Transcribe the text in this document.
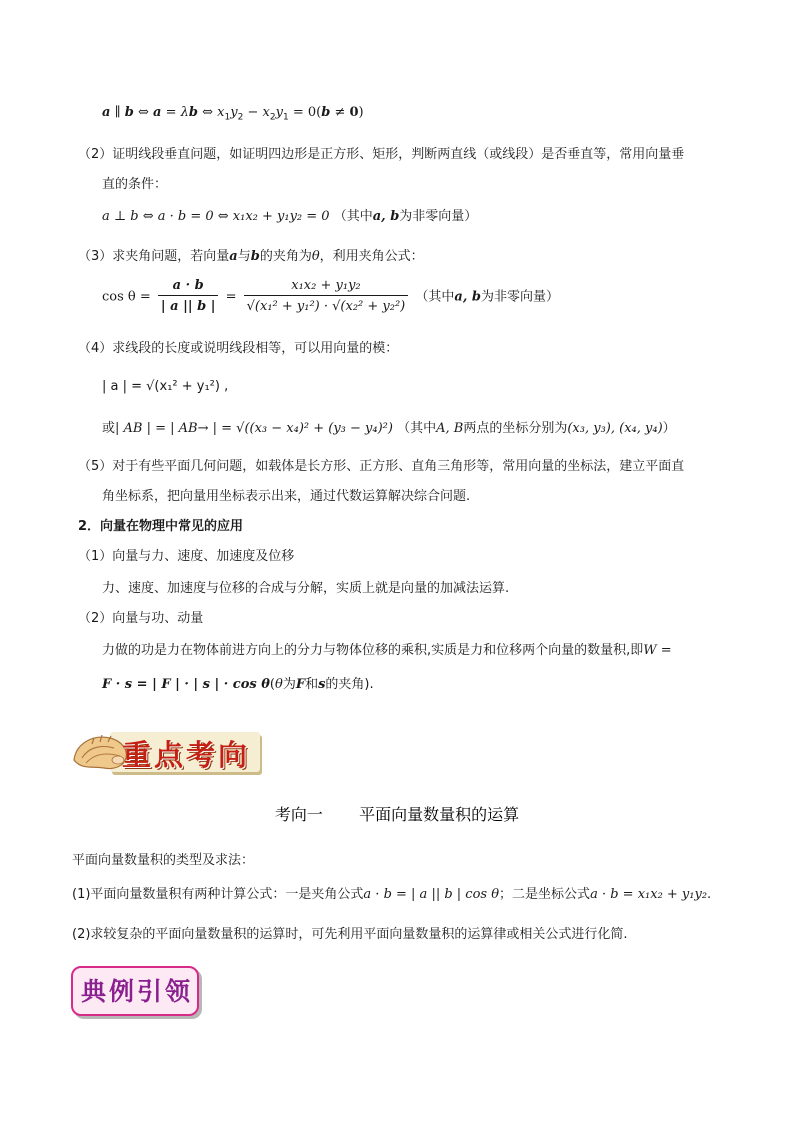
a ∥ b ⇔ a = λb ⇔ $x_1y_2 - x_2y_1 = 0(b \ne 0)$
（2）证明线段垂直问题，如证明四边形是正方形、矩形，判断两直线（或线段）是否垂直等，常用向量垂
直的条件：
a ⊥ b ⇔ a · b = 0 ⇔ x₁x₂ + y₁y₂ = 0 （其中a, b为非零向量）
（3）求夹角问题，若向量a与b的夹角为θ，利用夹角公式：
$\cos \theta = \frac{a \cdot b}{| a || b |} = \frac{\text{x₁x₂ + y₁y₂}}{\text{√(x₁² + y₁²) · √(x₂² + y₂²)}}$ （其中a, b为非零向量）
（4）求线段的长度或说明线段相等，可以用向量的模：
| a | = √(x₁² + y₁²) ,
或| AB | = | AB→ | = √((x₃ − x₄)² + (y₃ − y₄)²) （其中A, B两点的坐标分别为(x₃, y₃), (x₄, y₄)）
（5）对于有些平面几何问题，如载体是长方形、正方形、直角三角形等，常用向量的坐标法，建立平面直
角坐标系，把向量用坐标表示出来，通过代数运算解决综合问题.
2．向量在物理中常见的应用
（1）向量与力、速度、加速度及位移
力、速度、加速度与位移的合成与分解，实质上就是向量的加减法运算.
（2）向量与功、动量
力做的功是力在物体前进方向上的分力与物体位移的乘积,实质是力和位移两个向量的数量积,即W =
F · s = | F | · | s | · cos θ(θ为F和s的夹角).
重点考向
考向一 平面向量数量积的运算
平面向量数量积的类型及求法：
(1)平面向量数量积有两种计算公式：一是夹角公式a · b = | a || b | cos θ；二是坐标公式a · b = x₁x₂ + y₁y₂.
(2)求较复杂的平面向量数量积的运算时，可先利用平面向量数量积的运算律或相关公式进行化简.
典例引领
